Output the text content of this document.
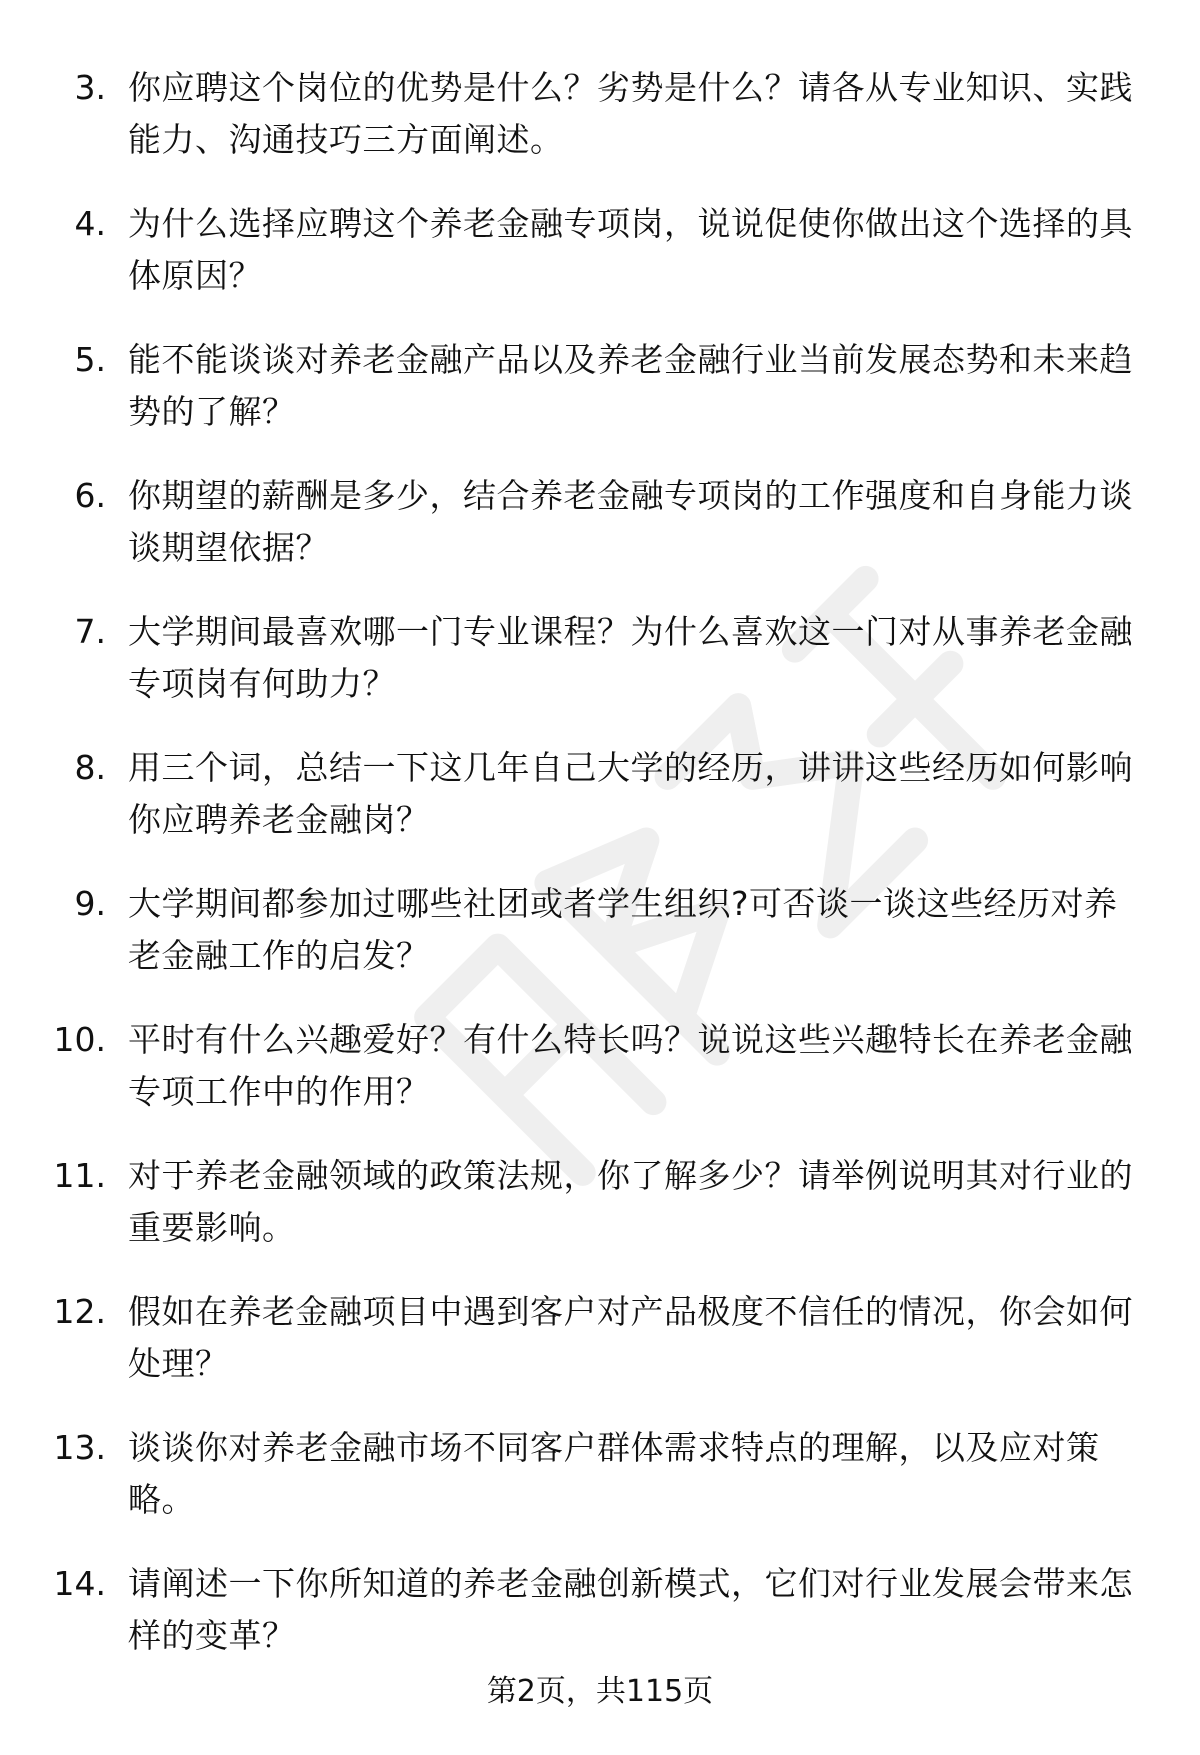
3. 你应聘这个岗位的优势是什么？劣势是什么？请各从专业知识、实践能力、沟通技巧三方面阐述。
4. 为什么选择应聘这个养老金融专项岗，说说促使你做出这个选择的具体原因？
5. 能不能谈谈对养老金融产品以及养老金融行业当前发展态势和未来趋势的了解？
6. 你期望的薪酬是多少，结合养老金融专项岗的工作强度和自身能力谈谈期望依据？
7. 大学期间最喜欢哪一门专业课程？为什么喜欢这一门对从事养老金融专项岗有何助力？
8. 用三个词，总结一下这几年自己大学的经历，讲讲这些经历如何影响你应聘养老金融岗？
9. 大学期间都参加过哪些社团或者学生组织?可否谈一谈这些经历对养老金融工作的启发？
10. 平时有什么兴趣爱好？有什么特长吗？说说这些兴趣特长在养老金融专项工作中的作用？
11. 对于养老金融领域的政策法规，你了解多少？请举例说明其对行业的重要影响。
12. 假如在养老金融项目中遇到客户对产品极度不信任的情况，你会如何处理？
13. 谈谈你对养老金融市场不同客户群体需求特点的理解，以及应对策略。
14. 请阐述一下你所知道的养老金融创新模式，它们对行业发展会带来怎样的变革？
第2页，共115页
